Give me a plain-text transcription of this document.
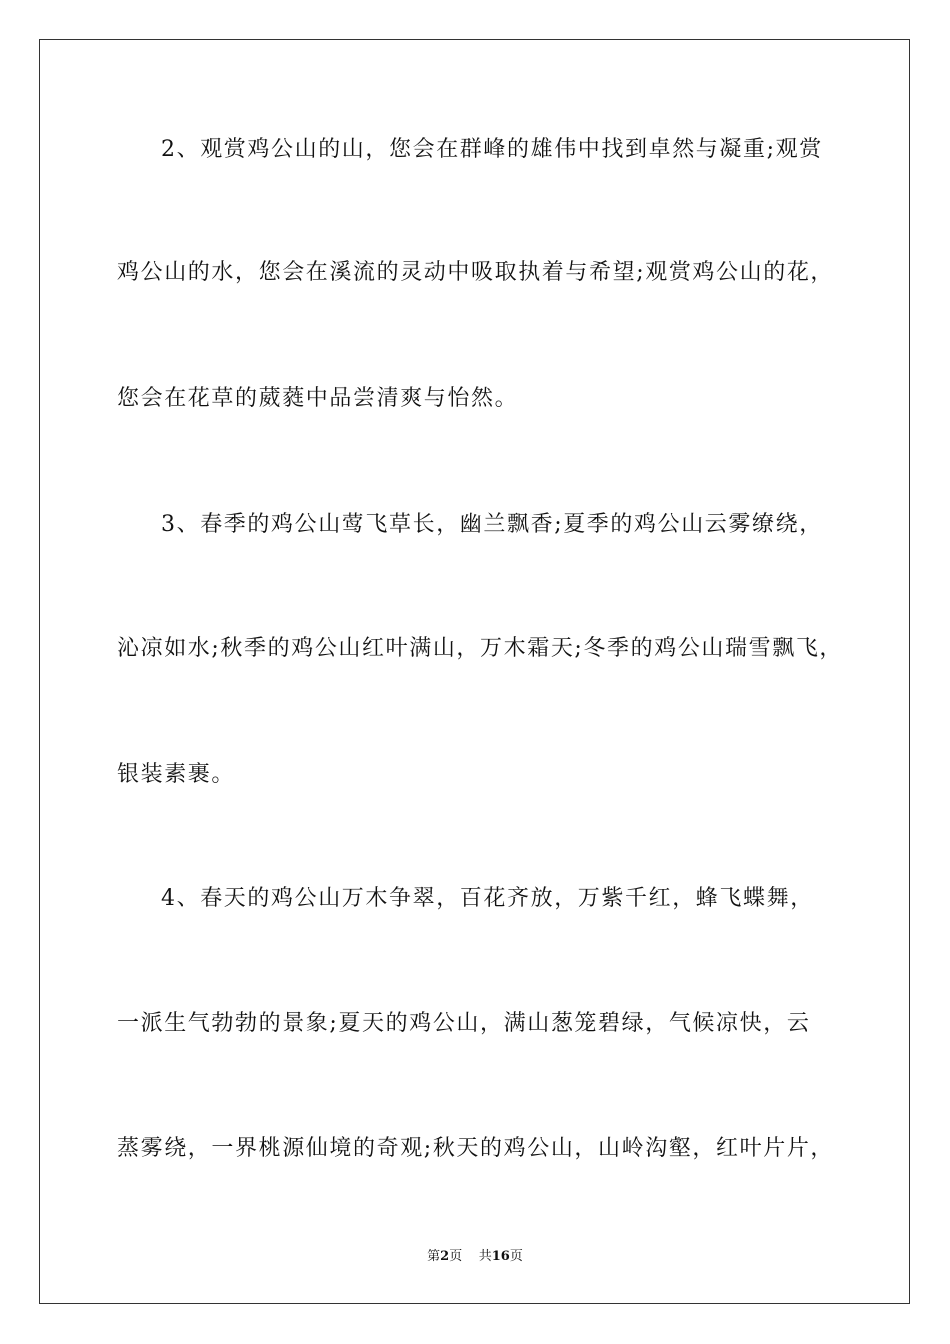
2、观赏鸡公山的山，您会在群峰的雄伟中找到卓然与凝重;观赏
鸡公山的水，您会在溪流的灵动中吸取执着与希望;观赏鸡公山的花，
您会在花草的葳蕤中品尝清爽与怡然。
3、春季的鸡公山莺飞草长，幽兰飘香;夏季的鸡公山云雾缭绕，
沁凉如水;秋季的鸡公山红叶满山，万木霜天;冬季的鸡公山瑞雪飘飞，
银装素裹。
4、春天的鸡公山万木争翠，百花齐放，万紫千红，蜂飞蝶舞，
一派生气勃勃的景象;夏天的鸡公山，满山葱笼碧绿，气候凉快，云
蒸雾绕，一界桃源仙境的奇观;秋天的鸡公山，山岭沟壑，红叶片片，
第2页 共16页
